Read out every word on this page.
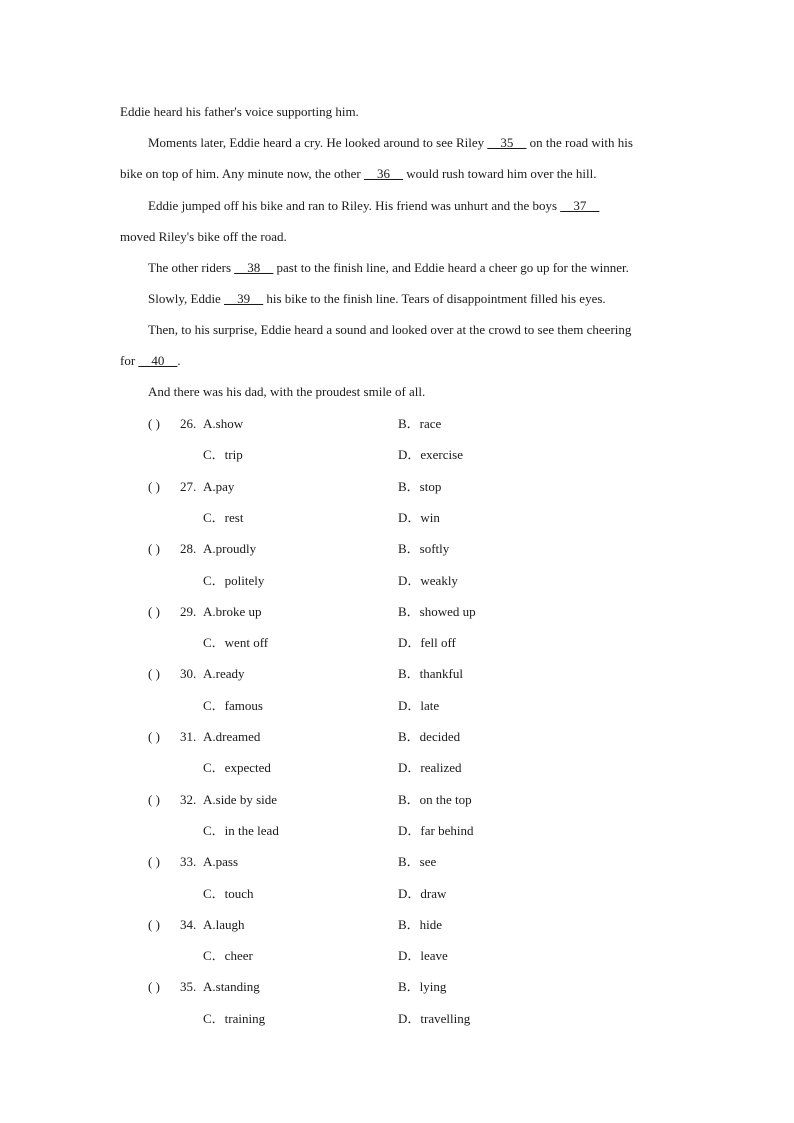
Eddie heard his father's voice supporting him.
Moments later, Eddie heard a cry. He looked around to see Riley __35__ on the road with his
bike on top of him. Any minute now, the other __36__ would rush toward him over the hill.
Eddie jumped off his bike and ran to Riley. His friend was unhurt and the boys __37__
moved Riley's bike off the road.
The other riders __38__ past to the finish line, and Eddie heard a cheer go up for the winner.
Slowly, Eddie __39__ his bike to the finish line. Tears of disappointment filled his eyes.
Then, to his surprise, Eddie heard a sound and looked over at the crowd to see them cheering
for __40__.
And there was his dad, with the proudest smile of all.
( ) 26. A.show	B．race
C．trip	D．exercise
( ) 27. A.pay	B．stop
C．rest	D．win
( ) 28. A.proudly	B．softly
C．politely	D．weakly
( ) 29. A.broke up	B．showed up
C．went off	D．fell off
( ) 30. A.ready	B．thankful
C．famous	D．late
( ) 31. A.dreamed	B．decided
C．expected	D．realized
( ) 32. A.side by side	B．on the top
C．in the lead	D．far behind
( ) 33. A.pass	B．see
C．touch	D．draw
( ) 34. A.laugh	B．hide
C．cheer	D．leave
( ) 35. A.standing	B．lying
C．training	D．travelling
